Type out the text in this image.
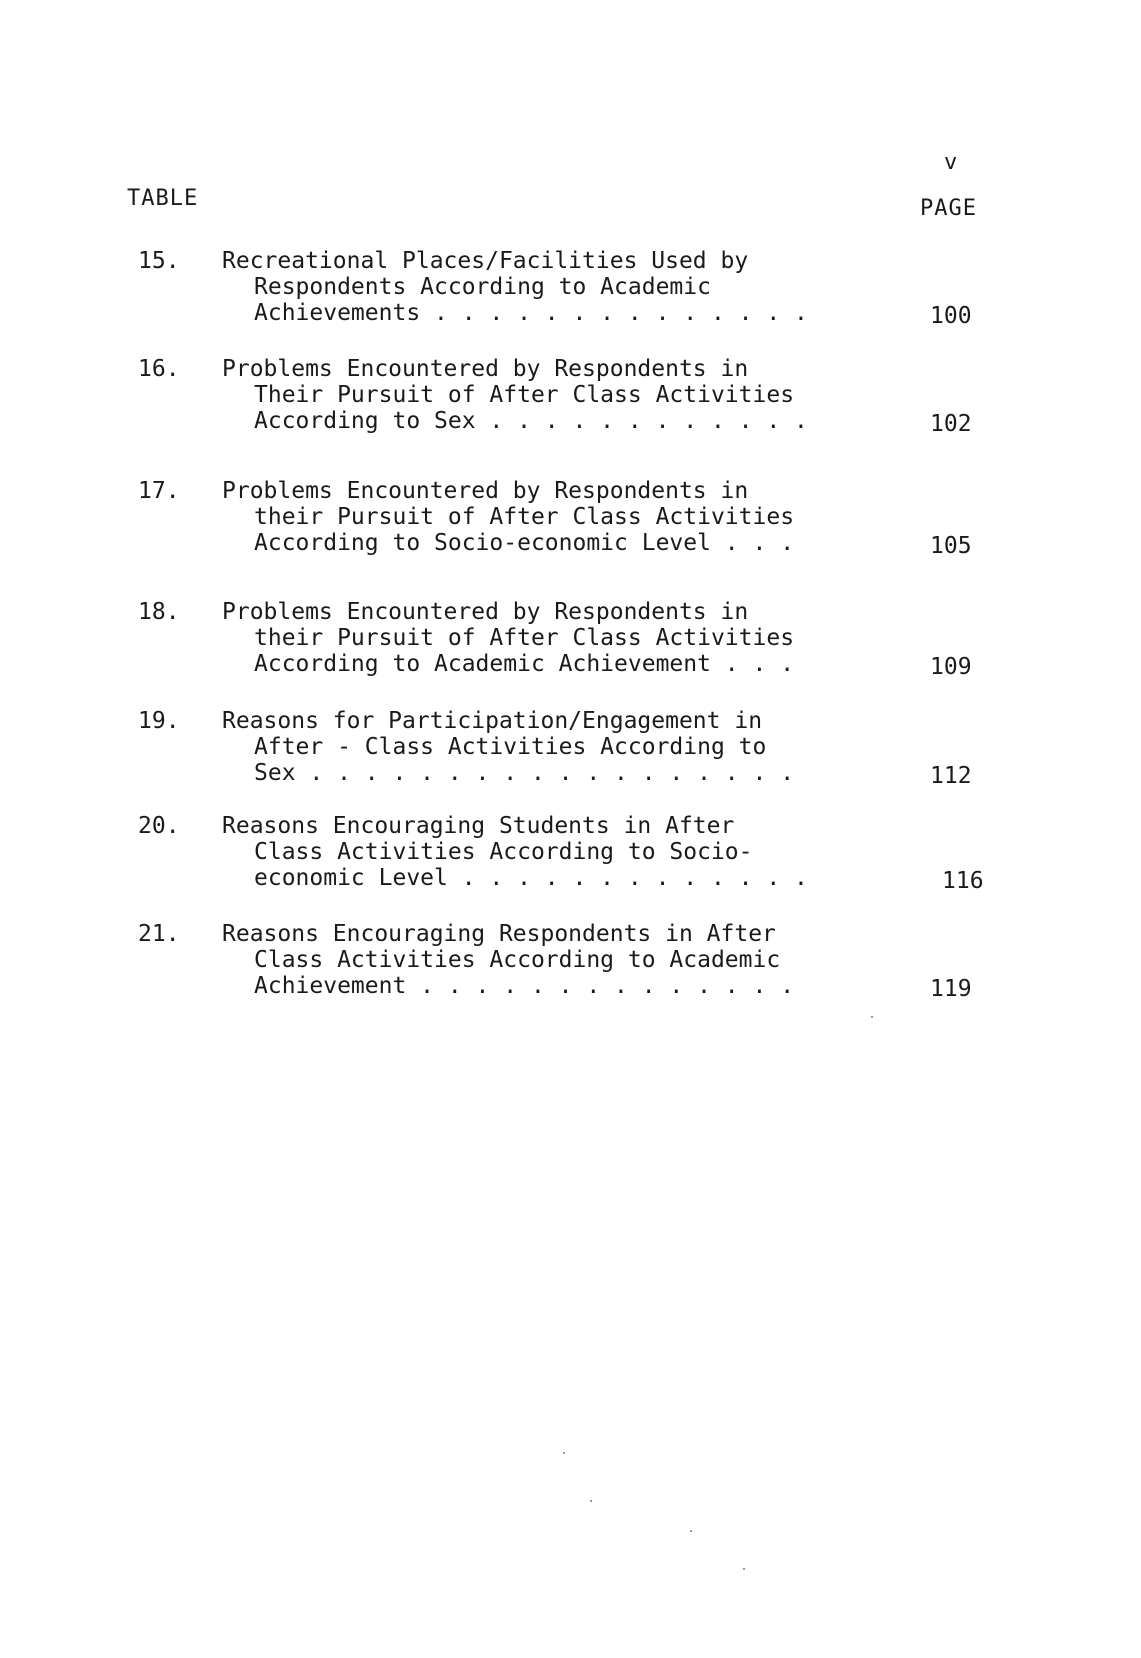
v
TABLE	PAGE
15. Recreational Places/Facilities Used by
Respondents According to Academic
Achievements . . . . . . . . . . . . . .	100
16. Problems Encountered by Respondents in
Their Pursuit of After Class Activities
According to Sex . . . . . . . . . . . .	102
17. Problems Encountered by Respondents in
their Pursuit of After Class Activities
According to Socio-economic Level . . .	105
18. Problems Encountered by Respondents in
their Pursuit of After Class Activities
According to Academic Achievement . . .	109
19. Reasons for Participation/Engagement in
After - Class Activities According to
Sex . . . . . . . . . . . . . . . . . .	112
20. Reasons Encouraging Students in After
Class Activities According to Socio-
economic Level . . . . . . . . . . . . .	116
21. Reasons Encouraging Respondents in After
Class Activities According to Academic
Achievement . . . . . . . . . . . . . .	119
